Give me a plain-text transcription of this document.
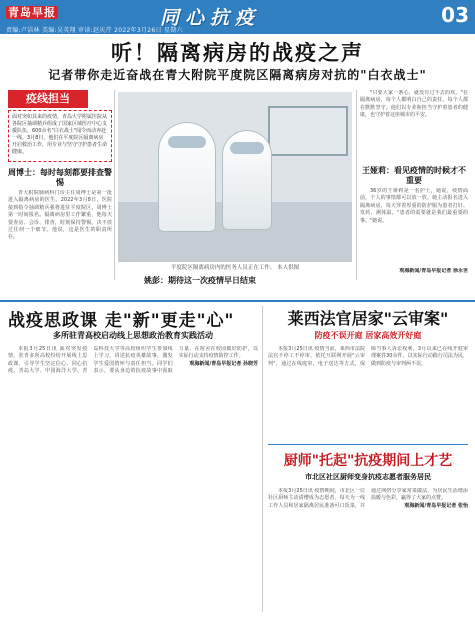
青岛早报	同心抗疫	03
责编:卢洁林 美编:吴英翔 审读:赵庆芹 2022年3月26日 星期六
听！隔离病房的战疫之声
记者带你走近奋战在青大附院平度院区隔离病房对抗的"白衣战士"
疫线担当
面对突如其来的疫情，青岛大学附属医院从各院区抽调精兵组成了国家区域医疗中心支援队伍，600余名"白衣战士"闻令而动奔赴一线。3月8日，他们在平度院区隔离病房开启救治工作，用专业与坚守守护患者生命健康。
周博士：每时每刻都要排查警惕

青大附院肺病科门诊主任周博士是第一批进入隔离病房的医生。2022年3月8日，医院接到指令抽调精兵强将进驻平度院区，周博士第一时间报名。隔离病房里工作繁重，他每天要查房、会诊、排查，时刻保持警惕，决不放过任何一个细节。他说，这是医生的职责所在。

平度院区隔离病房内的医务人员正在工作。 本人供图
姚彭：期待这一次疫情早日结束

"只要大家一条心，就没有过不去的坎。"在隔离病房，每个人都明白自己的责任，每个人都在默默坚守。他们以专业和担当守护着患者的健康，也守护着这座城市的平安。

王娅莉：看见疫情的时候才不重要

36岁的王娅莉是一名护士，她说，疫情面前，个人的事情都可以放一放。她主动报名进入隔离病房，每天穿着厚重的防护服为患者打针、发药、测体温。"患者的需要就是我们最重要的事。"她说。

观海新闻/青岛早报记者 徐永世
战疫思政课 走"新"更走"心"
多所驻青高校启动线上思想政治教育实践活动

本报3月25日讯 面对突发疫情，驻青多所高校纷纷开展线上思政课，引导学生坚定信心、同心抗疫。青岛大学、中国海洋大学、青岛科技大学等高校组织学生参加线上学习，讲述抗疫英雄故事，激发学生爱国情怀与责任担当。同学们表示，要从身边的抗疫故事中汲取力量，在宿舍在校园做好防护，以实际行动支持疫情防控工作。

观海新闻/青岛早报记者 孙晓芳

莱西法官居家"云审案"
防疫不误开庭 居家高效开好庭

本报3月25日讯 疫情当前，莱西市法院法官不停工不停审，依托互联网开展"云审判"，通过在线庭审、电子送达等方式，保障当事人诉讼权利。3月以来已在线开庭审理案件30余件，以实际行动践行司法为民，做到防疫与审判两不误。

厨师"托起"抗疫期间上才艺
市北区社区厨师变身抗疫志愿者服务居民

本报3月25日讯 疫情期间，市北区一位社区厨师主动请缨成为志愿者，每天为一线工作人员和居家隔离居民准备可口饭菜，并通过网络分享家常菜做法，为居民生活增添温暖与色彩，赢得了大家的点赞。

观海新闻/青岛早报记者 张怡
